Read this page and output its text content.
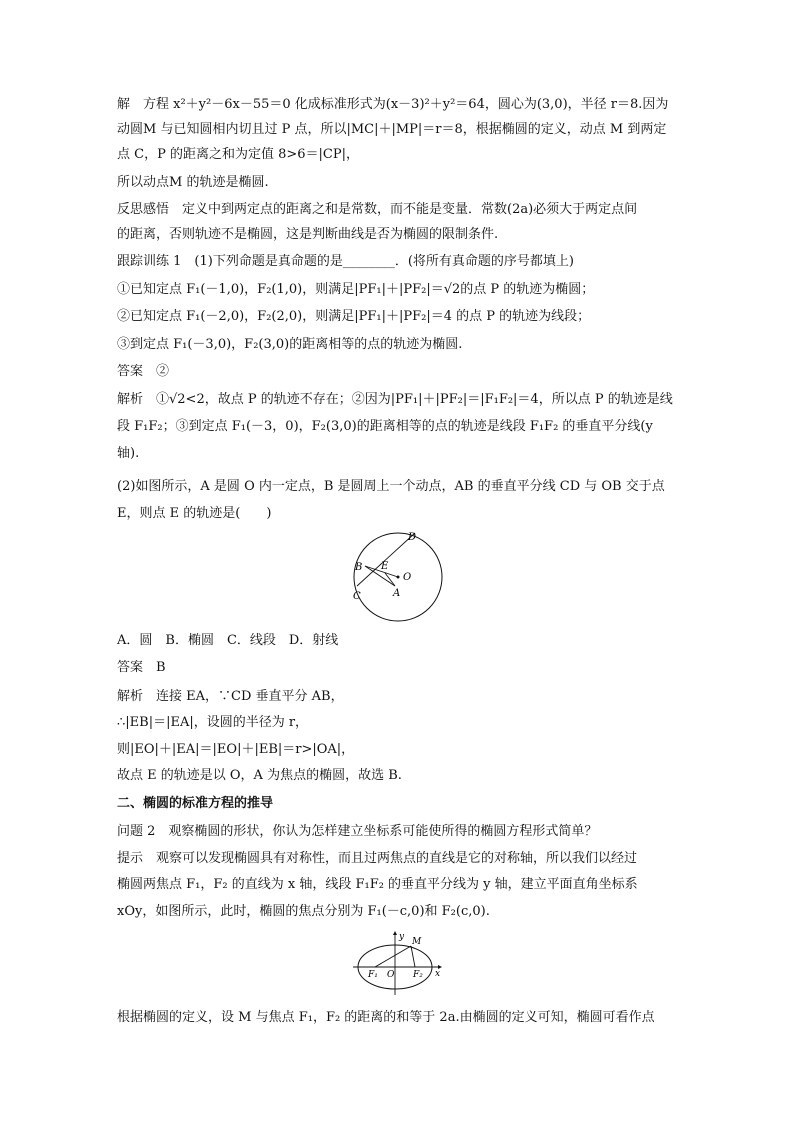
解　方程 x²＋y²－6x－55＝0 化成标准形式为(x－3)²＋y²＝64，圆心为(3,0)，半径 r＝8.因为
动圆M 与已知圆相内切且过 P 点，所以|MC|＋|MP|＝r＝8，根据椭圆的定义，动点 M 到两定
点 C，P 的距离之和为定值 8>6＝|CP|，
所以动点M 的轨迹是椭圆.
反思感悟　定义中到两定点的距离之和是常数，而不能是变量．常数(2a)必须大于两定点间
的距离，否则轨迹不是椭圆，这是判断曲线是否为椭圆的限制条件.
跟踪训练 1　(1)下列命题是真命题的是________．(将所有真命题的序号都填上)
①已知定点 F₁(－1,0)，F₂(1,0)，则满足|PF₁|＋|PF₂|＝√2的点 P 的轨迹为椭圆；
②已知定点 F₁(－2,0)，F₂(2,0)，则满足|PF₁|＋|PF₂|＝4 的点 P 的轨迹为线段；
③到定点 F₁(－3,0)，F₂(3,0)的距离相等的点的轨迹为椭圆.
答案　②
解析　①√2<2，故点 P 的轨迹不存在；②因为|PF₁|＋|PF₂|＝|F₁F₂|＝4，所以点 P 的轨迹是线
段 F₁F₂；③到定点 F₁(－3，0)，F₂(3,0)的距离相等的点的轨迹是线段 F₁F₂ 的垂直平分线(y
轴).
(2)如图所示，A 是圆 O 内一定点，B 是圆周上一个动点，AB 的垂直平分线 CD 与 OB 交于点
E，则点 E 的轨迹是(　　)
B E
O
D
C	A
A．圆　B．椭圆　C．线段　D．射线
答案　B
解析　连接 EA，∵CD 垂直平分 AB，
∴|EB|＝|EA|，设圆的半径为 r，
则|EO|＋|EA|＝|EO|＋|EB|＝r>|OA|，
故点 E 的轨迹是以 O，A 为焦点的椭圆，故选 B.
二、椭圆的标准方程的推导
问题 2　观察椭圆的形状，你认为怎样建立坐标系可能使所得的椭圆方程形式简单？
提示　观察可以发现椭圆具有对称性，而且过两焦点的直线是它的对称轴，所以我们以经过
椭圆两焦点 F₁，F₂ 的直线为 x 轴，线段 F₁F₂ 的垂直平分线为 y 轴，建立平面直角坐标系
xOy，如图所示，此时，椭圆的焦点分别为 F₁(－c,0)和 F₂(c,0).
y M
x
F₁ O F₂
根据椭圆的定义，设 M 与焦点 F₁，F₂ 的距离的和等于 2a.由椭圆的定义可知，椭圆可看作点
